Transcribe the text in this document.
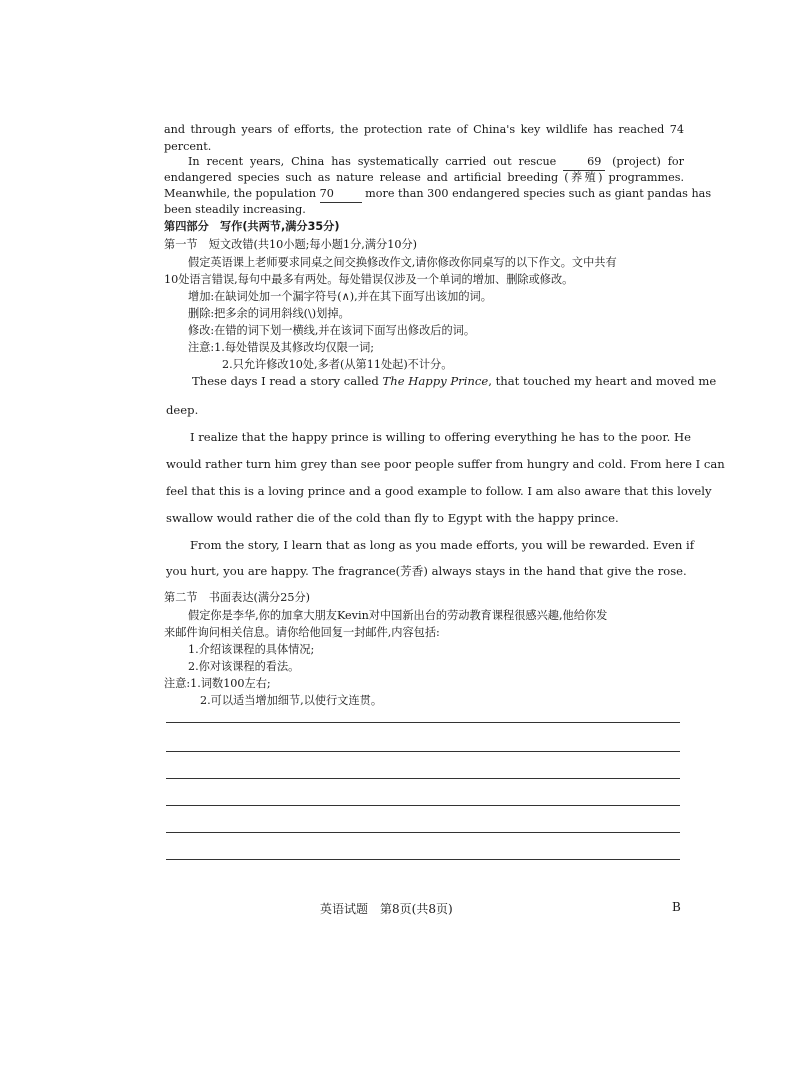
and through years of efforts, the protection rate of China's key wildlife has reached 74
percent.
In recent years, China has systematically carried out rescue	69 (project) for
endangered species such as nature release and artificial breeding (养殖) programmes.
Meanwhile, the population 70	more than 300 endangered species such as giant pandas has
been steadily increasing.
第四部分　写作(共两节,满分35分)
第一节　短文改错(共10小题;每小题1分,满分10分)
假定英语课上老师要求同桌之间交换修改作文,请你修改你同桌写的以下作文。文中共有
10处语言错误,每句中最多有两处。每处错误仅涉及一个单词的增加、删除或修改。
增加:在缺词处加一个漏字符号(∧),并在其下面写出该加的词。
删除:把多余的词用斜线(\)划掉。
修改:在错的词下划一横线,并在该词下面写出修改后的词。
注意:1.每处错误及其修改均仅限一词;
2.只允许修改10处,多者(从第11处起)不计分。
These days I read a story called The Happy Prince, that touched my heart and moved me
deep.
I realize that the happy prince is willing to offering everything he has to the poor. He
would rather turn him grey than see poor people suffer from hungry and cold. From here I can
feel that this is a loving prince and a good example to follow. I am also aware that this lovely
swallow would rather die of the cold than fly to Egypt with the happy prince.
From the story, I learn that as long as you made efforts, you will be rewarded. Even if
you hurt, you are happy. The fragrance(芳香) always stays in the hand that give the rose.
第二节　书面表达(满分25分)
假定你是李华,你的加拿大朋友Kevin对中国新出台的劳动教育课程很感兴趣,他给你发
来邮件询问相关信息。请你给他回复一封邮件,内容包括:
1.介绍该课程的具体情况;
2.你对该课程的看法。
注意:1.词数100左右;
2.可以适当增加细节,以使行文连贯。
英语试题　第8页(共8页)	B
